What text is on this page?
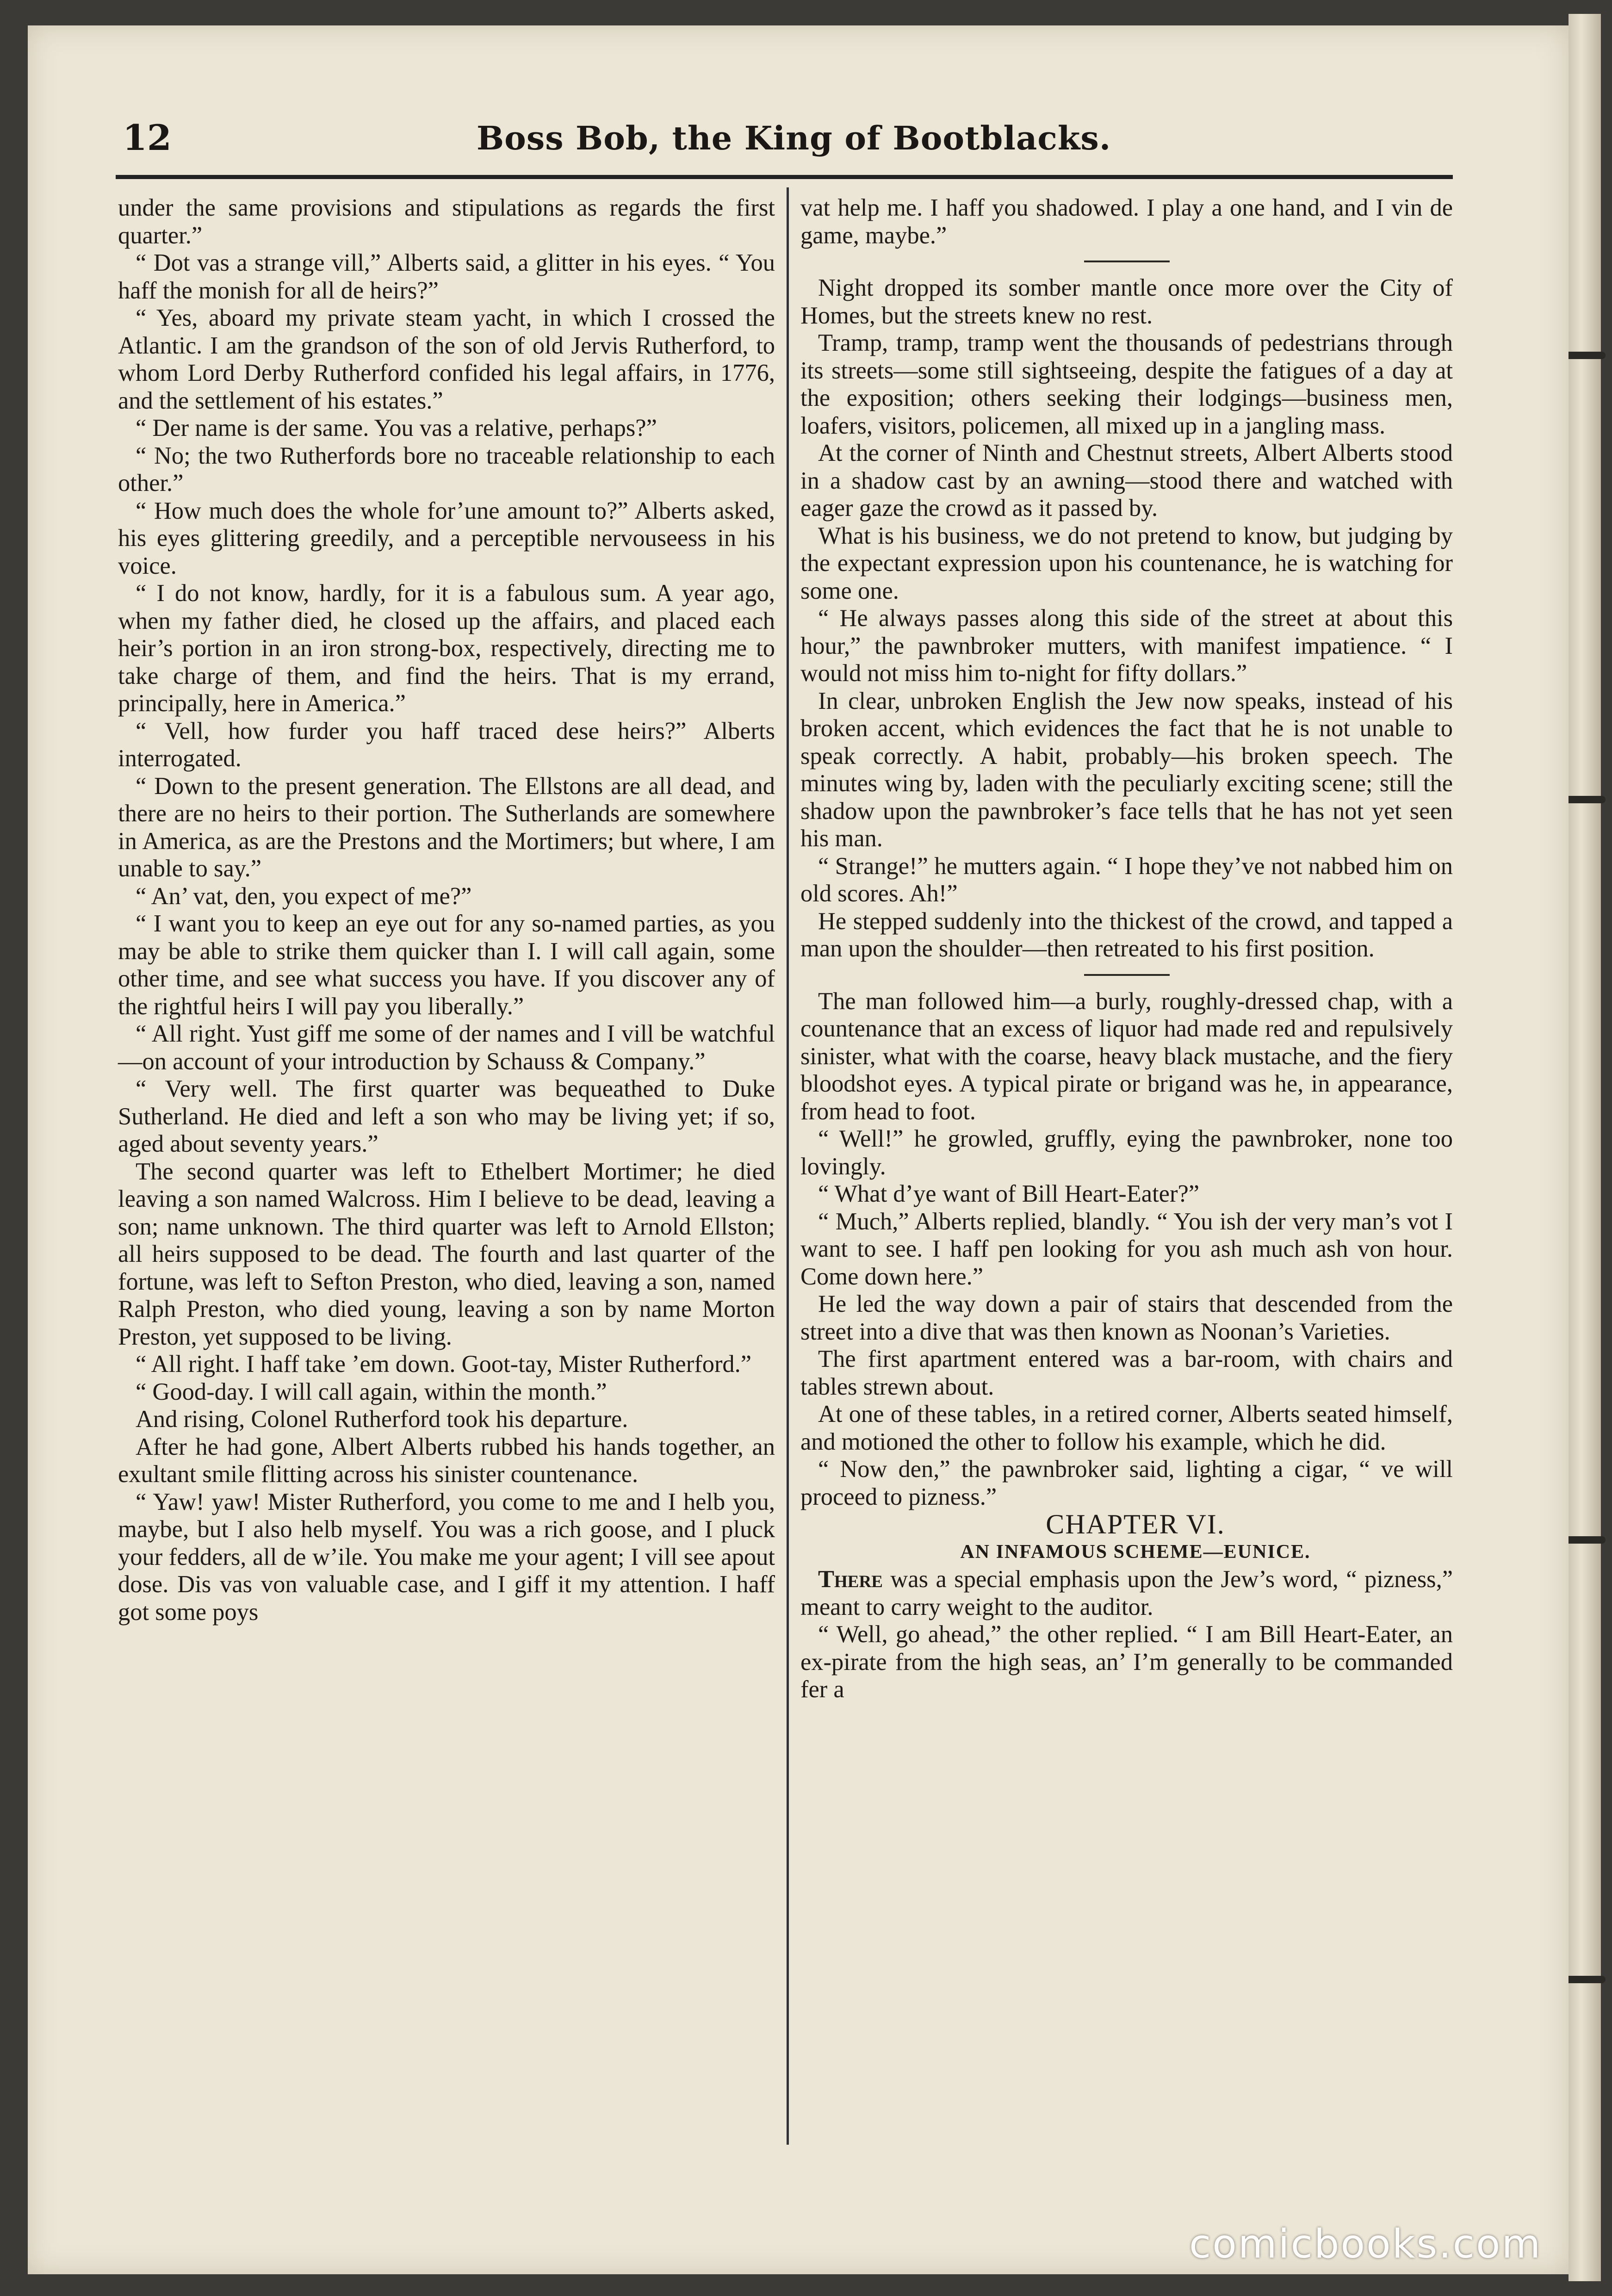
12	Boss Bob, the King of Bootblacks.

under the same provisions and stipulations as regards the first quarter.”

“ Dot vas a strange vill,” Alberts said, a glitter in his eyes. “ You haff the monish for all de heirs?”

“ Yes, aboard my private steam yacht, in which I crossed the Atlantic. I am the grandson of the son of old Jervis Rutherford, to whom Lord Derby Rutherford confided his legal affairs, in 1776, and the settlement of his estates.”

“ Der name is der same. You vas a relative, perhaps?”

“ No; the two Rutherfords bore no traceable relationship to each other.”

“ How much does the whole for’une amount to?” Alberts asked, his eyes glittering greedily, and a perceptible nervouseess in his voice.

“ I do not know, hardly, for it is a fabulous sum. A year ago, when my father died, he closed up the affairs, and placed each heir’s portion in an iron strong-box, respectively, directing me to take charge of them, and find the heirs. That is my errand, principally, here in America.”

“ Vell, how furder you haff traced dese heirs?” Alberts interrogated.

“ Down to the present generation. The Ellstons are all dead, and there are no heirs to their portion. The Sutherlands are somewhere in America, as are the Prestons and the Mortimers; but where, I am unable to say.”

“ An’ vat, den, you expect of me?”

“ I want you to keep an eye out for any so-named parties, as you may be able to strike them quicker than I. I will call again, some other time, and see what success you have. If you discover any of the rightful heirs I will pay you liberally.”

“ All right. Yust giff me some of der names and I vill be watchful—on account of your introduction by Schauss & Company.”

“ Very well. The first quarter was bequeathed to Duke Sutherland. He died and left a son who may be living yet; if so, aged about seventy years.”

The second quarter was left to Ethelbert Mortimer; he died leaving a son named Walcross. Him I believe to be dead, leaving a son; name unknown. The third quarter was left to Arnold Ellston; all heirs supposed to be dead. The fourth and last quarter of the fortune, was left to Sefton Preston, who died, leaving a son, named Ralph Preston, who died young, leaving a son by name Morton Preston, yet supposed to be living.

“ All right. I haff take ’em down. Goot-tay, Mister Rutherford.”

“ Good-day. I will call again, within the month.”

And rising, Colonel Rutherford took his departure.

After he had gone, Albert Alberts rubbed his hands together, an exultant smile flitting across his sinister countenance.

“ Yaw! yaw! Mister Rutherford, you come to me and I helb you, maybe, but I also helb myself. You was a rich goose, and I pluck your fedders, all de w’ile. You make me your agent; I vill see apout dose. Dis vas von valuable case, and I giff it my attention. I haff got some poys

vat help me. I haff you shadowed. I play a one hand, and I vin de game, maybe.”

Night dropped its somber mantle once more over the City of Homes, but the streets knew no rest.

Tramp, tramp, tramp went the thousands of pedestrians through its streets—some still sightseeing, despite the fatigues of a day at the exposition; others seeking their lodgings—business men, loafers, visitors, policemen, all mixed up in a jangling mass.

At the corner of Ninth and Chestnut streets, Albert Alberts stood in a shadow cast by an awning—stood there and watched with eager gaze the crowd as it passed by.

What is his business, we do not pretend to know, but judging by the expectant expression upon his countenance, he is watching for some one.

“ He always passes along this side of the street at about this hour,” the pawnbroker mutters, with manifest impatience. “ I would not miss him to-night for fifty dollars.”

In clear, unbroken English the Jew now speaks, instead of his broken accent, which evidences the fact that he is not unable to speak correctly. A habit, probably—his broken speech. The minutes wing by, laden with the peculiarly exciting scene; still the shadow upon the pawnbroker’s face tells that he has not yet seen his man.

“ Strange!” he mutters again. “ I hope they’ve not nabbed him on old scores. Ah!”

He stepped suddenly into the thickest of the crowd, and tapped a man upon the shoulder—then retreated to his first position.

The man followed him—a burly, roughly-dressed chap, with a countenance that an excess of liquor had made red and repulsively sinister, what with the coarse, heavy black mustache, and the fiery bloodshot eyes. A typical pirate or brigand was he, in appearance, from head to foot.

“ Well!” he growled, gruffly, eying the pawnbroker, none too lovingly.

“ What d’ye want of Bill Heart-Eater?”

“ Much,” Alberts replied, blandly. “ You ish der very man’s vot I want to see. I haff pen looking for you ash much ash von hour. Come down here.”

He led the way down a pair of stairs that descended from the street into a dive that was then known as Noonan’s Varieties.

The first apartment entered was a bar-room, with chairs and tables strewn about.

At one of these tables, in a retired corner, Alberts seated himself, and motioned the other to follow his example, which he did.

“ Now den,” the pawnbroker said, lighting a cigar, “ ve will proceed to pizness.”

CHAPTER VI.

AN INFAMOUS SCHEME—EUNICE.

There was a special emphasis upon the Jew’s word, “ pizness,” meant to carry weight to the auditor.

“ Well, go ahead,” the other replied. “ I am Bill Heart-Eater, an ex-pirate from the high seas, an’ I’m generally to be commanded fer a

comicbooks.com
